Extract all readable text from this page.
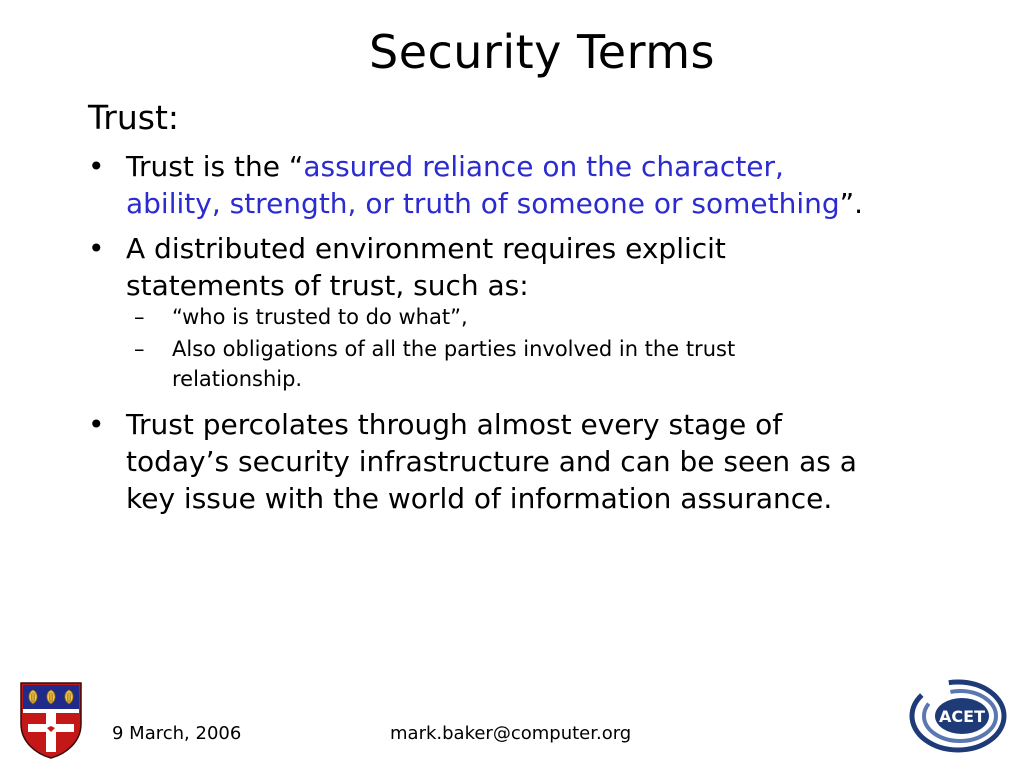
Security Terms
Trust:
• Trust is the “assured reliance on the character,
ability, strength, or truth of someone or something”.
• A distributed environment requires explicit
statements of trust, such as:
– “who is trusted to do what”,
– Also obligations of all the parties involved in the trust
relationship.
• Trust percolates through almost every stage of
today’s security infrastructure and can be seen as a
key issue with the world of information assurance.
9 March, 2006	mark.baker@computer.org
ACET
